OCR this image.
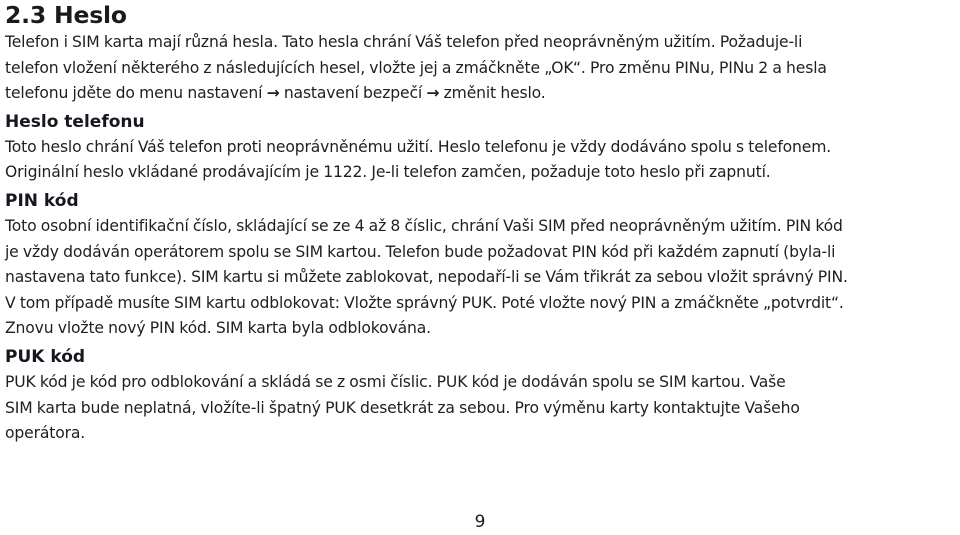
2.3 Heslo

Telefon i SIM karta mají různá hesla. Tato hesla chrání Váš telefon před neoprávněným užitím. Požaduje-li
telefon vložení některého z následujících hesel, vložte jej a zmáčkněte „OK“. Pro změnu PINu, PINu 2 a hesla
telefonu jděte do menu nastavení → nastavení bezpečí → změnit heslo.

Heslo telefonu

Toto heslo chrání Váš telefon proti neoprávněnému užití. Heslo telefonu je vždy dodáváno spolu s telefonem.
Originální heslo vkládané prodávajícím je 1122. Je-li telefon zamčen, požaduje toto heslo při zapnutí.

PIN kód

Toto osobní identifikační číslo, skládající se ze 4 až 8 číslic, chrání Vaši SIM před neoprávněným užitím. PIN kód
je vždy dodáván operátorem spolu se SIM kartou. Telefon bude požadovat PIN kód při každém zapnutí (byla-li
nastavena tato funkce). SIM kartu si můžete zablokovat, nepodaří-li se Vám třikrát za sebou vložit správný PIN.
V tom případě musíte SIM kartu odblokovat: Vložte správný PUK. Poté vložte nový PIN a zmáčkněte „potvrdit“.
Znovu vložte nový PIN kód. SIM karta byla odblokována.

PUK kód

PUK kód je kód pro odblokování a skládá se z osmi číslic. PUK kód je dodáván spolu se SIM kartou. Vaše
SIM karta bude neplatná, vložíte-li špatný PUK desetkrát za sebou. Pro výměnu karty kontaktujte Vašeho
operátora.

9
